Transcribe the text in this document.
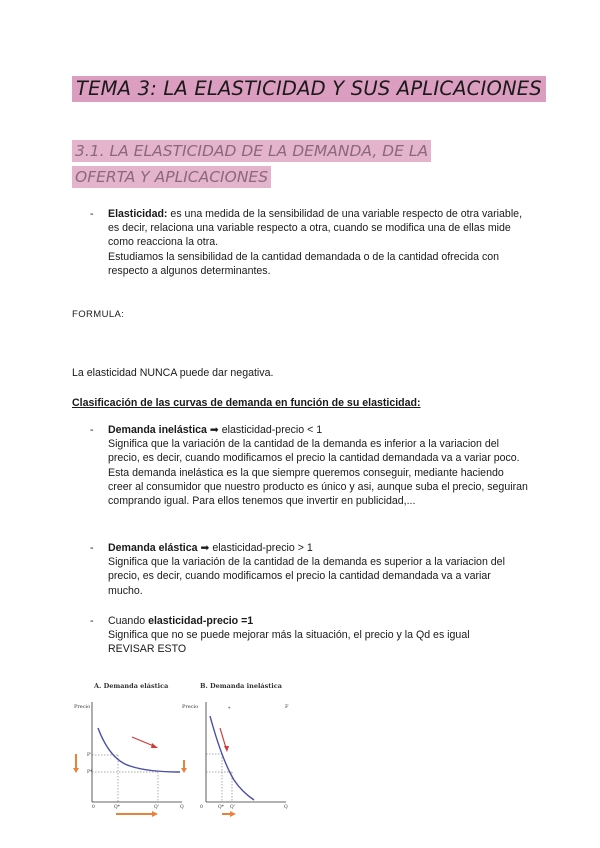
TEMA 3: LA ELASTICIDAD Y SUS APLICACIONES
3.1. LA ELASTICIDAD DE LA DEMANDA, DE LA OFERTA Y APLICACIONES
- Elasticidad: es una medida de la sensibilidad de una variable respecto de otra variable, es decir, relaciona una variable respecto a otra, cuando se modifica una de ellas mide como reacciona la otra.
Estudiamos la sensibilidad de la cantidad demandada o de la cantidad ofrecida con respecto a algunos determinantes.
FORMULA:
La elasticidad NUNCA puede dar negativa.
Clasificación de las curvas de demanda en función de su elasticidad:
- Demanda inelástica ➡ elasticidad-precio < 1
Significa que la variación de la cantidad de la demanda es inferior a la variacion del precio, es decir, cuando modificamos el precio la cantidad demandada va a variar poco.
Esta demanda inelástica es la que siempre queremos conseguir, mediante haciendo creer al consumidor que nuestro producto es único y asi, aunque suba el precio, seguiran comprando igual. Para ellos tenemos que invertir en publicidad,...
- Demanda elástica ➡ elasticidad-precio > 1
Significa que la variación de la cantidad de la demanda es superior a la variacion del precio, es decir, cuando modificamos el precio la cantidad demandada va a variar mucho.
- Cuando elasticidad-precio =1
Significa que no se puede mejorar más la situación, el precio y la Qd es igual
REVISAR ESTO
A. Demanda elástica
Precio
0	Q
P'
P*
Q*	Q'
B. Demanda inelástica
Precio	*	F
0	Q
Q* Q'
